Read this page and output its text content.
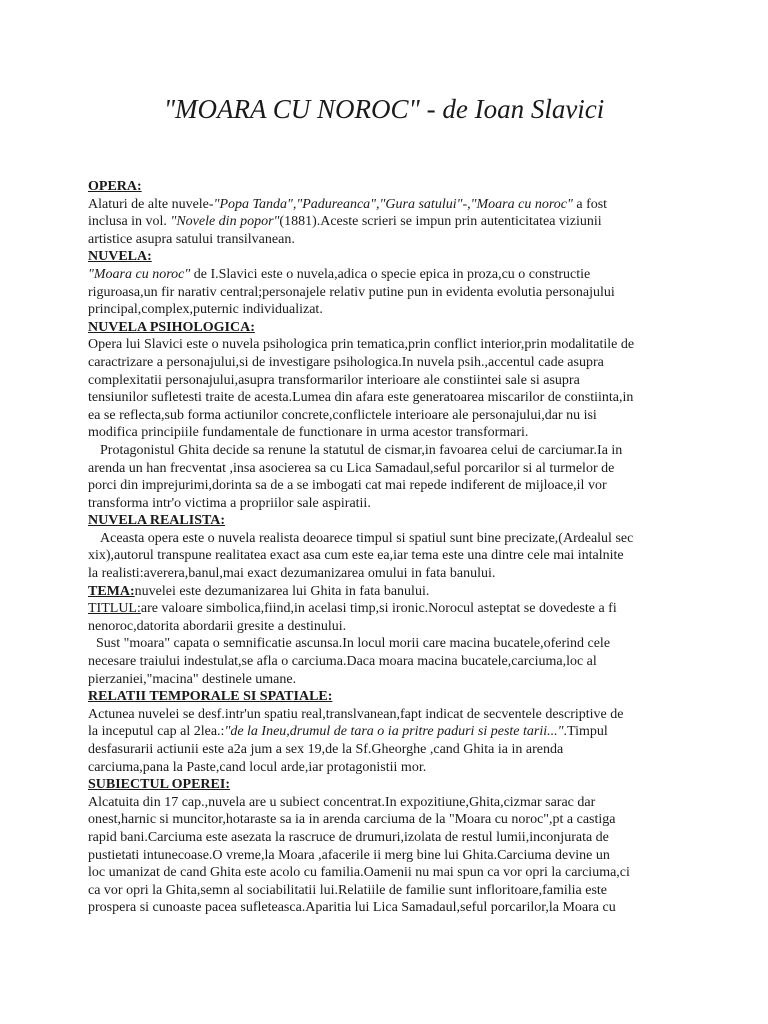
"MOARA CU NOROC" - de Ioan Slavici
OPERA:
Alaturi de alte nuvele-"Popa Tanda","Padureanca","Gura satului"-,"Moara cu noroc" a fost
inclusa in vol. "Novele din popor"(1881).Aceste scrieri se impun prin autenticitatea viziunii
artistice asupra satului transilvanean.
NUVELA:
"Moara cu noroc" de I.Slavici este o nuvela,adica o specie epica in proza,cu o constructie
riguroasa,un fir narativ central;personajele relativ putine pun in evidenta evolutia personajului
principal,complex,puternic individualizat.
NUVELA PSIHOLOGICA:
Opera lui Slavici este o nuvela psihologica prin tematica,prin conflict interior,prin modalitatile de
caractrizare a personajului,si de investigare psihologica.In nuvela psih.,accentul cade asupra
complexitatii personajului,asupra transformarilor interioare ale constiintei sale si asupra
tensiunilor sufletesti traite de acesta.Lumea din afara este generatoarea miscarilor de constiinta,in
ea se reflecta,sub forma actiunilor concrete,conflictele interioare ale personajului,dar nu isi
modifica principiile fundamentale de functionare in urma acestor transformari.
Protagonistul Ghita decide sa renune la statutul de cismar,in favoarea celui de carciumar.Ia in
arenda un han frecventat ,insa asocierea sa cu Lica Samadaul,seful porcarilor si al turmelor de
porci din imprejurimi,dorinta sa de a se imbogati cat mai repede indiferent de mijloace,il vor
transforma intr'o victima a propriilor sale aspiratii.
NUVELA REALISTA:
Aceasta opera este o nuvela realista deoarece timpul si spatiul sunt bine precizate,(Ardealul sec
xix),autorul transpune realitatea exact asa cum este ea,iar tema este una dintre cele mai intalnite
la realisti:averera,banul,mai exact dezumanizarea omului in fata banului.
TEMA:nuvelei este dezumanizarea lui Ghita in fata banului.
TITLUL:are valoare simbolica,fiind,in acelasi timp,si ironic.Norocul asteptat se dovedeste a fi
nenoroc,datorita abordarii gresite a destinului.
Sust "moara" capata o semnificatie ascunsa.In locul morii care macina bucatele,oferind cele
necesare traiului indestulat,se afla o carciuma.Daca moara macina bucatele,carciuma,loc al
pierzaniei,"macina" destinele umane.
RELATII TEMPORALE SI SPATIALE:
Actunea nuvelei se desf.intr'un spatiu real,translvanean,fapt indicat de secventele descriptive de
la inceputul cap al 2lea.:"de la Ineu,drumul de tara o ia pritre paduri si peste tarii...".Timpul
desfasurarii actiunii este a2a jum a sex 19,de la Sf.Gheorghe ,cand Ghita ia in arenda
carciuma,pana la Paste,cand locul arde,iar protagonistii mor.
SUBIECTUL OPEREI:
Alcatuita din 17 cap.,nuvela are u subiect concentrat.In expozitiune,Ghita,cizmar sarac dar
onest,harnic si muncitor,hotaraste sa ia in arenda carciuma de la "Moara cu noroc",pt a castiga
rapid bani.Carciuma este asezata la rascruce de drumuri,izolata de restul lumii,inconjurata de
pustietati intunecoase.O vreme,la Moara ,afacerile ii merg bine lui Ghita.Carciuma devine un
loc umanizat de cand Ghita este acolo cu familia.Oamenii nu mai spun ca vor opri la carciuma,ci
ca vor opri la Ghita,semn al sociabilitatii lui.Relatiile de familie sunt infloritoare,familia este
prospera si cunoaste pacea sufleteasca.Aparitia lui Lica Samadaul,seful porcarilor,la Moara cu
